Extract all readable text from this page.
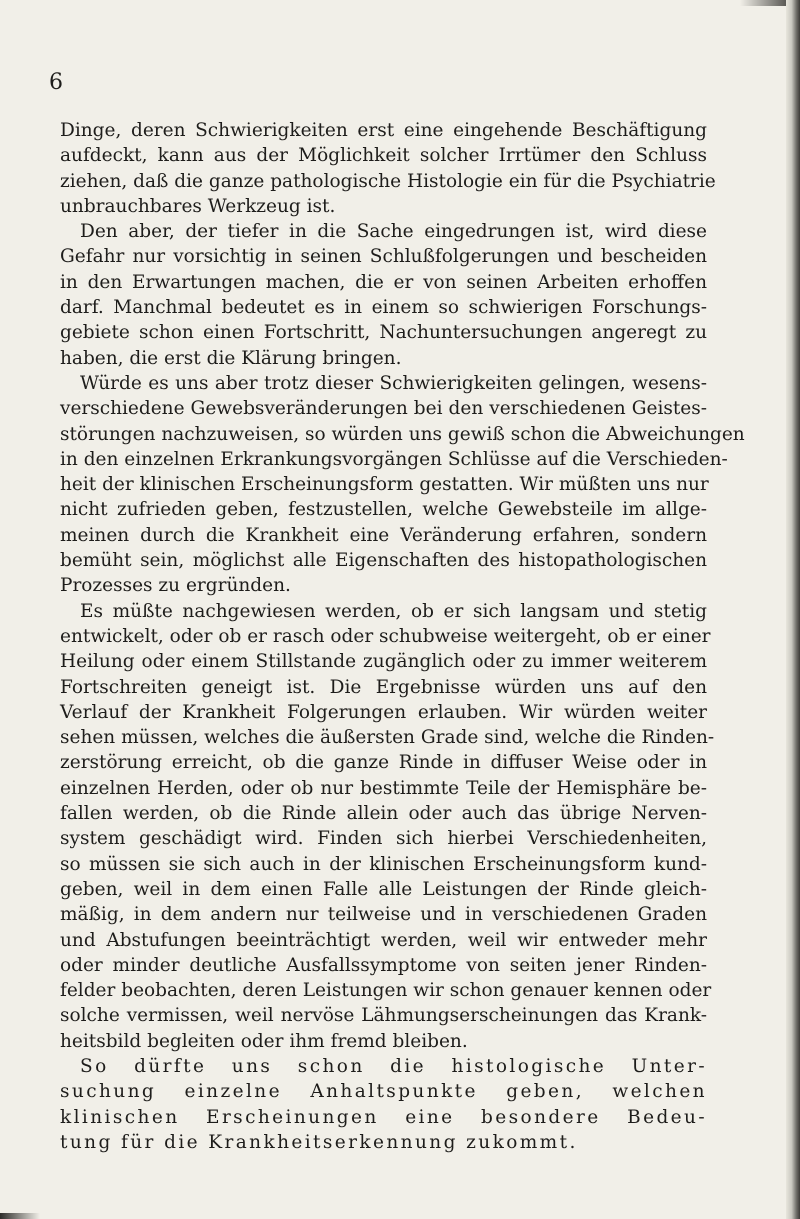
6
Dinge, deren Schwierigkeiten erst eine eingehende Beschäftigung
aufdeckt, kann aus der Möglichkeit solcher Irrtümer den Schluss
ziehen, daß die ganze pathologische Histologie ein für die Psychiatrie
unbrauchbares Werkzeug ist.
Den aber, der tiefer in die Sache eingedrungen ist, wird diese
Gefahr nur vorsichtig in seinen Schlußfolgerungen und bescheiden
in den Erwartungen machen, die er von seinen Arbeiten erhoffen
darf. Manchmal bedeutet es in einem so schwierigen Forschungs-
gebiete schon einen Fortschritt, Nachuntersuchungen angeregt zu
haben, die erst die Klärung bringen.
Würde es uns aber trotz dieser Schwierigkeiten gelingen, wesens-
verschiedene Gewebsveränderungen bei den verschiedenen Geistes-
störungen nachzuweisen, so würden uns gewiß schon die Abweichungen
in den einzelnen Erkrankungsvorgängen Schlüsse auf die Verschieden-
heit der klinischen Erscheinungsform gestatten. Wir müßten uns nur
nicht zufrieden geben, festzustellen, welche Gewebsteile im allge-
meinen durch die Krankheit eine Veränderung erfahren, sondern
bemüht sein, möglichst alle Eigenschaften des histopathologischen
Prozesses zu ergründen.
Es müßte nachgewiesen werden, ob er sich langsam und stetig
entwickelt, oder ob er rasch oder schubweise weitergeht, ob er einer
Heilung oder einem Stillstande zugänglich oder zu immer weiterem
Fortschreiten geneigt ist. Die Ergebnisse würden uns auf den
Verlauf der Krankheit Folgerungen erlauben. Wir würden weiter
sehen müssen, welches die äußersten Grade sind, welche die Rinden-
zerstörung erreicht, ob die ganze Rinde in diffuser Weise oder in
einzelnen Herden, oder ob nur bestimmte Teile der Hemisphäre be-
fallen werden, ob die Rinde allein oder auch das übrige Nerven-
system geschädigt wird. Finden sich hierbei Verschiedenheiten,
so müssen sie sich auch in der klinischen Erscheinungsform kund-
geben, weil in dem einen Falle alle Leistungen der Rinde gleich-
mäßig, in dem andern nur teilweise und in verschiedenen Graden
und Abstufungen beeinträchtigt werden, weil wir entweder mehr
oder minder deutliche Ausfallssymptome von seiten jener Rinden-
felder beobachten, deren Leistungen wir schon genauer kennen oder
solche vermissen, weil nervöse Lähmungserscheinungen das Krank-
heitsbild begleiten oder ihm fremd bleiben.
So dürfte uns schon die histologische Unter-
suchung einzelne Anhaltspunkte geben, welchen
klinischen Erscheinungen eine besondere Bedeu-
tung für die Krankheitserkennung zukommt.
